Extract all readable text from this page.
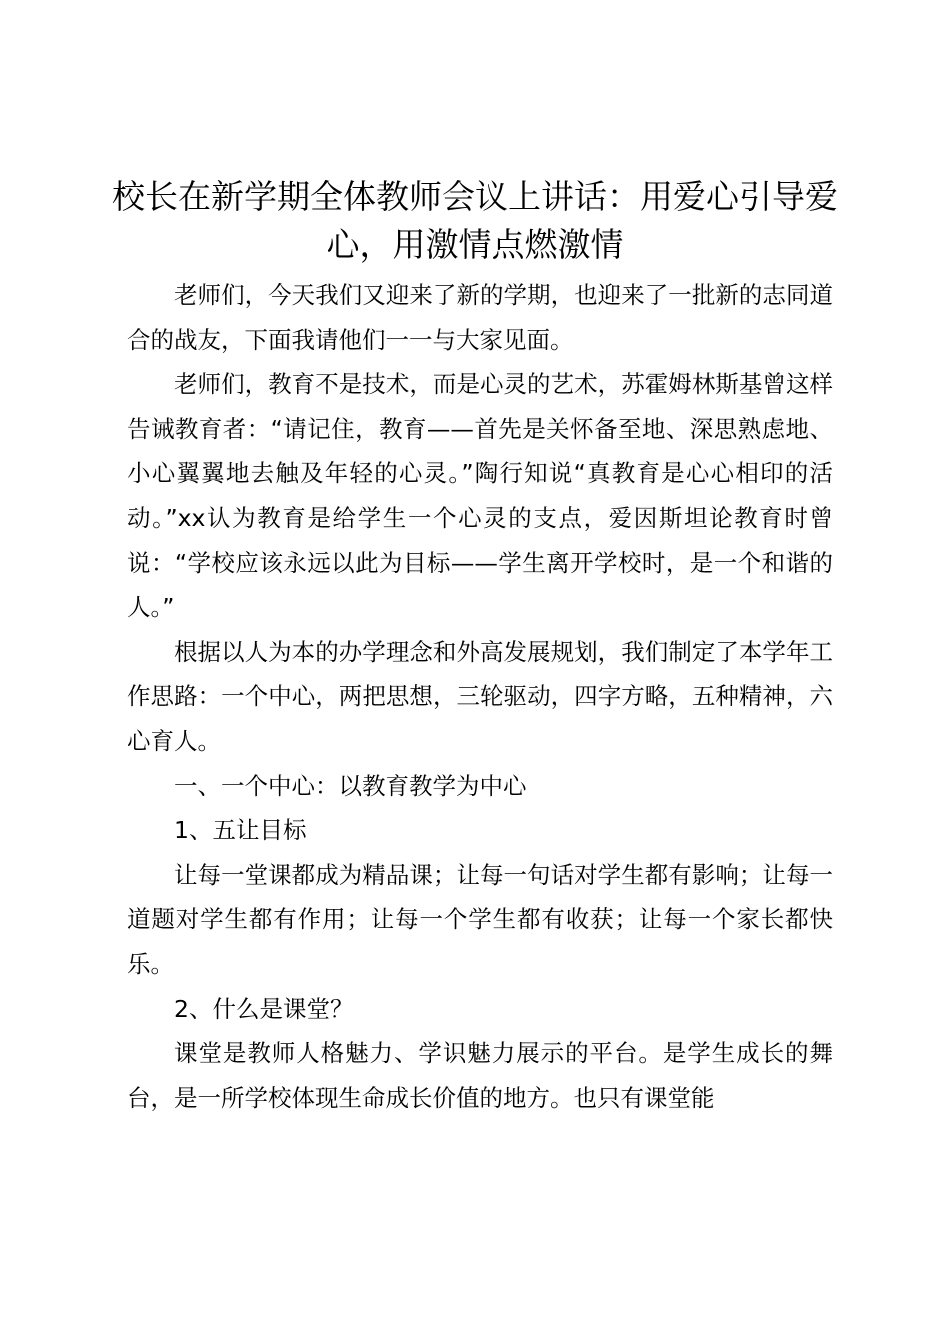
校长在新学期全体教师会议上讲话：用爱心引导爱心，用激情点燃激情

老师们，今天我们又迎来了新的学期，也迎来了一批新的志同道合的战友，下面我请他们一一与大家见面。

老师们，教育不是技术，而是心灵的艺术，苏霍姆林斯基曾这样告诫教育者：“请记住，教育——首先是关怀备至地、深思熟虑地、小心翼翼地去触及年轻的心灵。”陶行知说“真教育是心心相印的活动。”xx认为教育是给学生一个心灵的支点，爱因斯坦论教育时曾说：“学校应该永远以此为目标——学生离开学校时，是一个和谐的人。”

根据以人为本的办学理念和外高发展规划，我们制定了本学年工作思路：一个中心，两把思想，三轮驱动，四字方略，五种精神，六心育人。

一、一个中心：以教育教学为中心

1、五让目标

让每一堂课都成为精品课；让每一句话对学生都有影响；让每一道题对学生都有作用；让每一个学生都有收获；让每一个家长都快乐。

2、什么是课堂？

课堂是教师人格魅力、学识魅力展示的平台。是学生成长的舞台，是一所学校体现生命成长价值的地方。也只有课堂能
